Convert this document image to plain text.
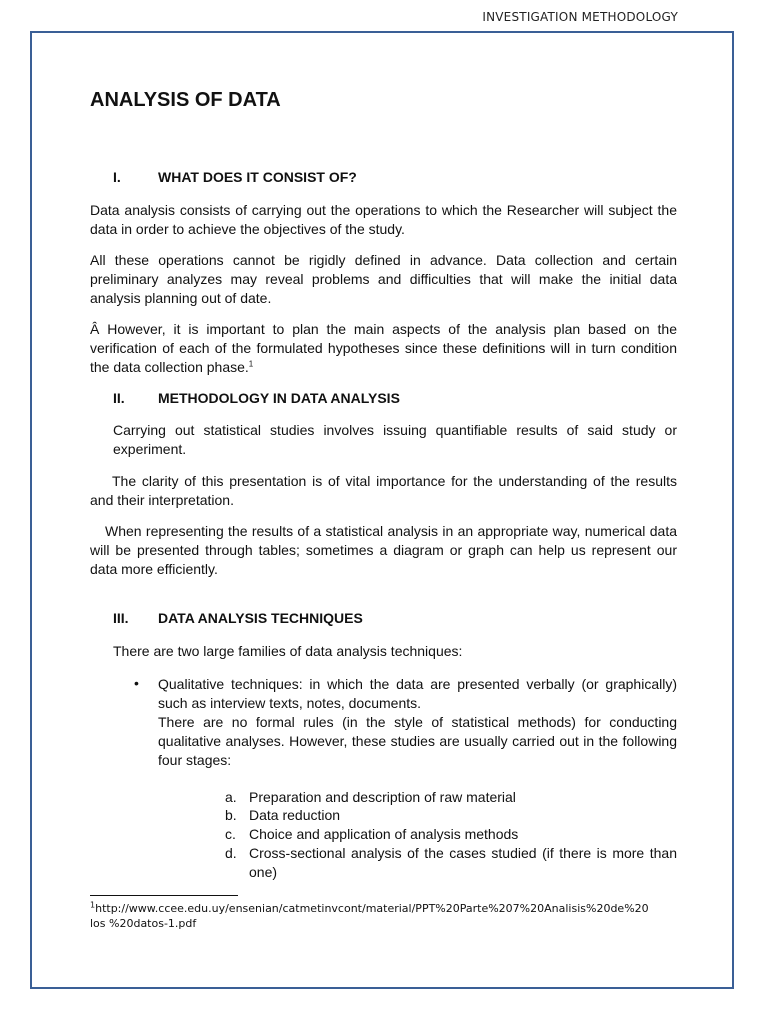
INVESTIGATION METHODOLOGY
ANALYSIS OF DATA
I.	WHAT DOES IT CONSIST OF?

Data analysis consists of carrying out the operations to which the Researcher will subject the data in order to achieve the objectives of the study.

All these operations cannot be rigidly defined in advance. Data collection and certain preliminary analyzes may reveal problems and difficulties that will make the initial data analysis planning out of date.

Â However, it is important to plan the main aspects of the analysis plan based on the verification of each of the formulated hypotheses since these definitions will in turn condition the data collection phase.$^1$

II. METHODOLOGY IN DATA ANALYSIS

Carrying out statistical studies involves issuing quantifiable results of said study or experiment.

The clarity of this presentation is of vital importance for the understanding of the results and their interpretation.

When representing the results of a statistical analysis in an appropriate way, numerical data will be presented through tables; sometimes a diagram or graph can help us represent our data more efficiently.

III. DATA ANALYSIS TECHNIQUES

There are two large families of data analysis techniques:

• Qualitative techniques: in which the data are presented verbally (or graphically) such as interview texts, notes, documents.
There are no formal rules (in the style of statistical methods) for conducting qualitative analyses. However, these studies are usually carried out in the following four stages:
a. Preparation and description of raw material
b. Data reduction
c. Choice and application of analysis methods
d. Cross-sectional analysis of the cases studied (if there is more than one)
$^1$http://www.ccee.edu.uy/ensenian/catmetinvcont/material/PPT%20Parte%207%20Analisis%20de%20los %20datos-1.pdf
